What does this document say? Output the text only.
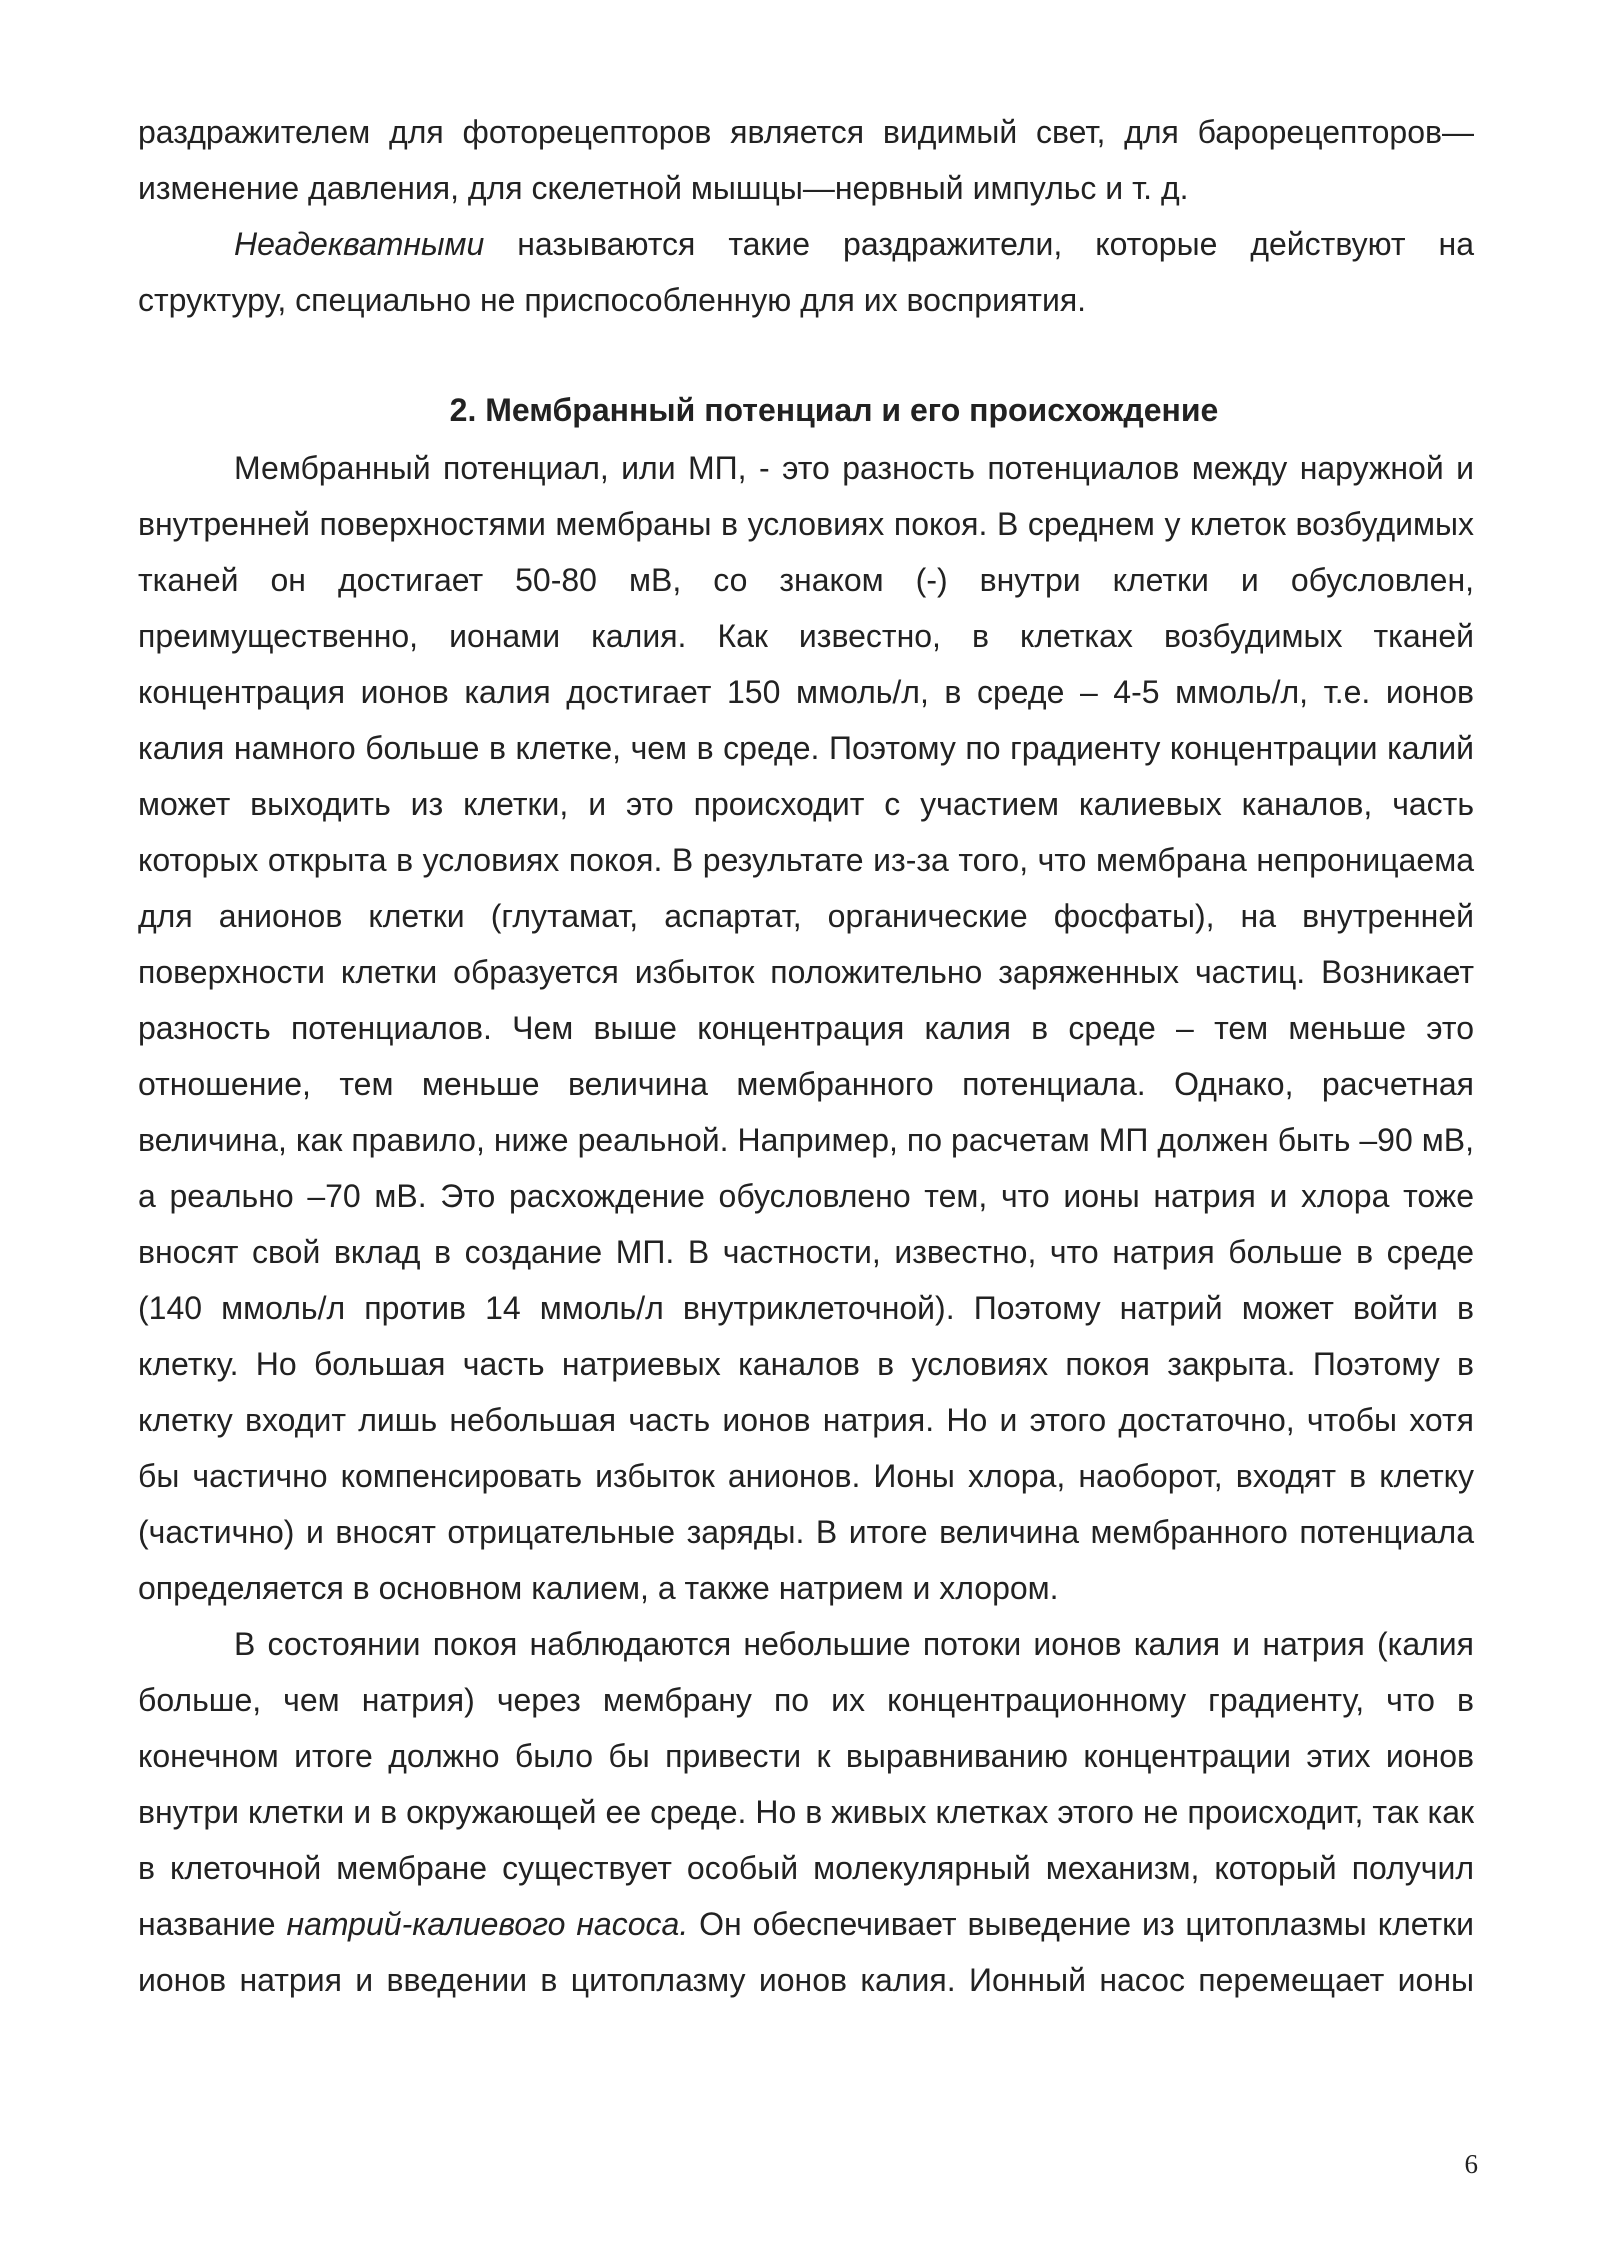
раздражителем для фоторецепторов является видимый свет, для барорецепторов— изменение давления, для скелетной мышцы—нервный импульс и т. д.

Неадекватными называются такие раздражители, которые действуют на структуру, специально не приспособленную для их восприятия.

2. Мембранный потенциал и его происхождение

Мембранный потенциал, или МП, - это разность потенциалов между наружной и внутренней поверхностями мембраны в условиях покоя. В среднем у клеток возбудимых тканей он достигает 50-80 мВ, со знаком (-) внутри клетки и обусловлен, преимущественно, ионами калия. Как известно, в клетках возбудимых тканей концентрация ионов калия достигает 150 ммоль/л, в среде – 4-5 ммоль/л, т.е. ионов калия намного больше в клетке, чем в среде. Поэтому по градиенту концентрации калий может выходить из клетки, и это происходит с участием калиевых каналов, часть которых открыта в условиях покоя. В результате из-за того, что мембрана непроницаема для анионов клетки (глутамат, аспартат, органические фосфаты), на внутренней поверхности клетки образуется избыток положительно заряженных частиц. Возникает разность потенциалов. Чем выше концентрация калия в среде – тем меньше это отношение, тем меньше величина мембранного потенциала. Однако, расчетная величина, как правило, ниже реальной. Например, по расчетам МП должен быть –90 мВ, а реально –70 мВ. Это расхождение обусловлено тем, что ионы натрия и хлора тоже вносят свой вклад в создание МП. В частности, известно, что натрия больше в среде (140 ммоль/л против 14 ммоль/л внутриклеточной). Поэтому натрий может войти в клетку. Но большая часть натриевых каналов в условиях покоя закрыта. Поэтому в клетку входит лишь небольшая часть ионов натрия. Но и этого достаточно, чтобы хотя бы частично компенсировать избыток анионов. Ионы хлора, наоборот, входят в клетку (частично) и вносят отрицательные заряды. В итоге величина мембранного потенциала определяется в основном калием, а также натрием и хлором.

В состоянии покоя наблюдаются небольшие потоки ионов калия и натрия (калия больше, чем натрия) через мембрану по их концентрационному градиенту, что в конечном итоге должно было бы привести к выравниванию концентрации этих ионов внутри клетки и в окружающей ее среде. Но в живых клетках этого не происходит, так как в клеточной мембране существует особый молекулярный механизм, который получил название натрий-калиевого насоса. Он обеспечивает выведение из цитоплазмы клетки ионов натрия и введении в цитоплазму ионов калия. Ионный насос перемещает ионы

6
